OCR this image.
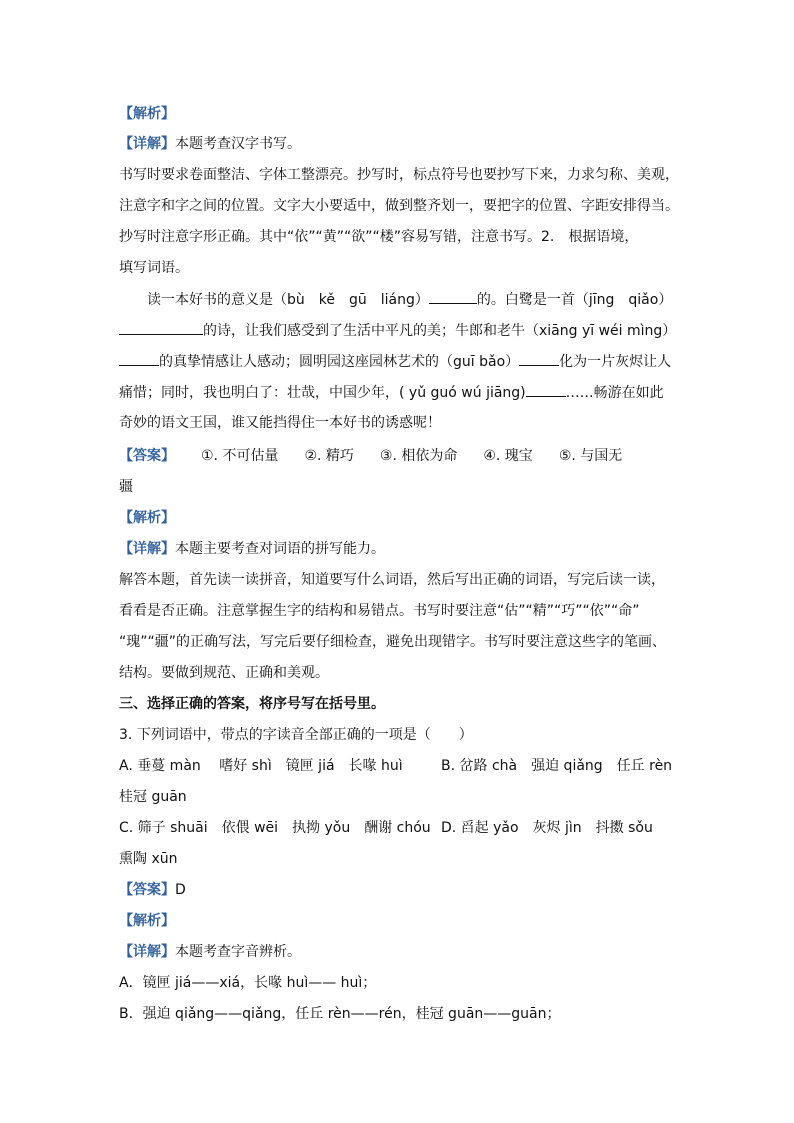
【解析】
【详解】本题考查汉字书写。
书写时要求卷面整洁、字体工整漂亮。抄写时，标点符号也要抄写下来，力求匀称、美观，
注意字和字之间的位置。文字大小要适中，做到整齐划一，要把字的位置、字距安排得当。
抄写时注意字形正确。其中“依”“黄”“欲”“楼”容易写错，注意书写。2.　根据语境，
填写词语。
读一本好书的意义是（bù　kě　gū　liáng）	的。白鹭是一首（jīng　qiǎo）
的诗，让我们感受到了生活中平凡的美；牛郎和老牛（xiāng yī wéi mìng）
的真挚情感让人感动；圆明园这座园林艺术的（guī bǎo）	化为一片灰烬让人
痛惜；同时，我也明白了：壮哉，中国少年，( yǔ guó wú jiāng)	……畅游在如此
奇妙的语文王国，谁又能挡得住一本好书的诱惑呢！
【答案】 ①. 不可估量 ②. 精巧 ③. 相依为命 ④. 瑰宝 ⑤. 与国无
疆
【解析】
【详解】本题主要考查对词语的拼写能力。
解答本题，首先读一读拼音，知道要写什么词语，然后写出正确的词语，写完后读一读，
看看是否正确。注意掌握生字的结构和易错点。书写时要注意“估”“精”“巧”“依”“命”
“瑰”“疆”的正确写法，写完后要仔细检查，避免出现错字。书写时要注意这些字的笔画、
结构。要做到规范、正确和美观。
三、选择正确的答案，将序号写在括号里。
3. 下列词语中，带点的字读音全部正确的一项是（　　）
A. 垂蔓 màn　 嗜好 shì　镜匣 jiá　长喙 huì	B. 岔路 chà　强迫 qiǎng　任丘 rèn
桂冠 guān
C. 筛子 shuāi　依偎 wēi　执拗 yǒu　酬谢 chóu D. 舀起 yǎo　灰烬 jìn　抖擞 sǒu
熏陶 xūn
【答案】D
【解析】
【详解】本题考查字音辨析。
A．镜匣 jiá——xiá，长喙 huì—— huì；
B．强迫 qiǎng——qiǎng，任丘 rèn——rén，桂冠 guān——guān；
